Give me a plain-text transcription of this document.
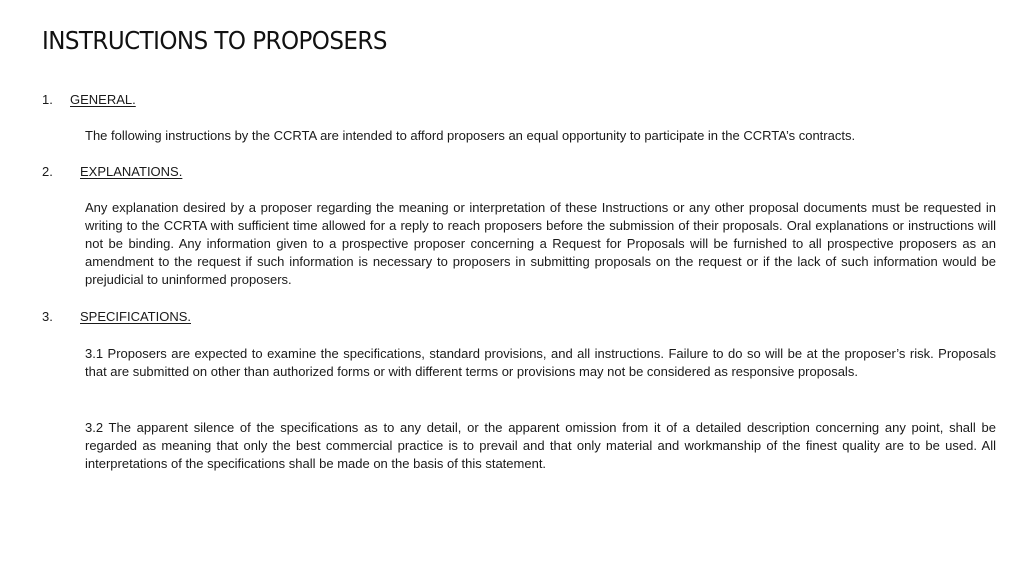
INSTRUCTIONS TO PROPOSERS
1. GENERAL.

The following instructions by the CCRTA are intended to afford proposers an equal opportunity to participate in the CCRTA’s contracts.

2. EXPLANATIONS.

Any explanation desired by a proposer regarding the meaning or interpretation of these Instructions or any other proposal documents must be requested in writing to the CCRTA with sufficient time allowed for a reply to reach proposers before the submission of their proposals. Oral explanations or instructions will not be binding. Any information given to a prospective proposer concerning a Request for Proposals will be furnished to all prospective proposers as an amendment to the request if such information is necessary to proposers in submitting proposals on the request or if the lack of such information would be prejudicial to uninformed proposers.

3. SPECIFICATIONS.

3.1 Proposers are expected to examine the specifications, standard provisions, and all instructions. Failure to do so will be at the proposer’s risk. Proposals that are submitted on other than authorized forms or with different terms or provisions may not be considered as responsive proposals.

3.2 The apparent silence of the specifications as to any detail, or the apparent omission from it of a detailed description concerning any point, shall be regarded as meaning that only the best commercial practice is to prevail and that only material and workmanship of the finest quality are to be used. All interpretations of the specifications shall be made on the basis of this statement.
